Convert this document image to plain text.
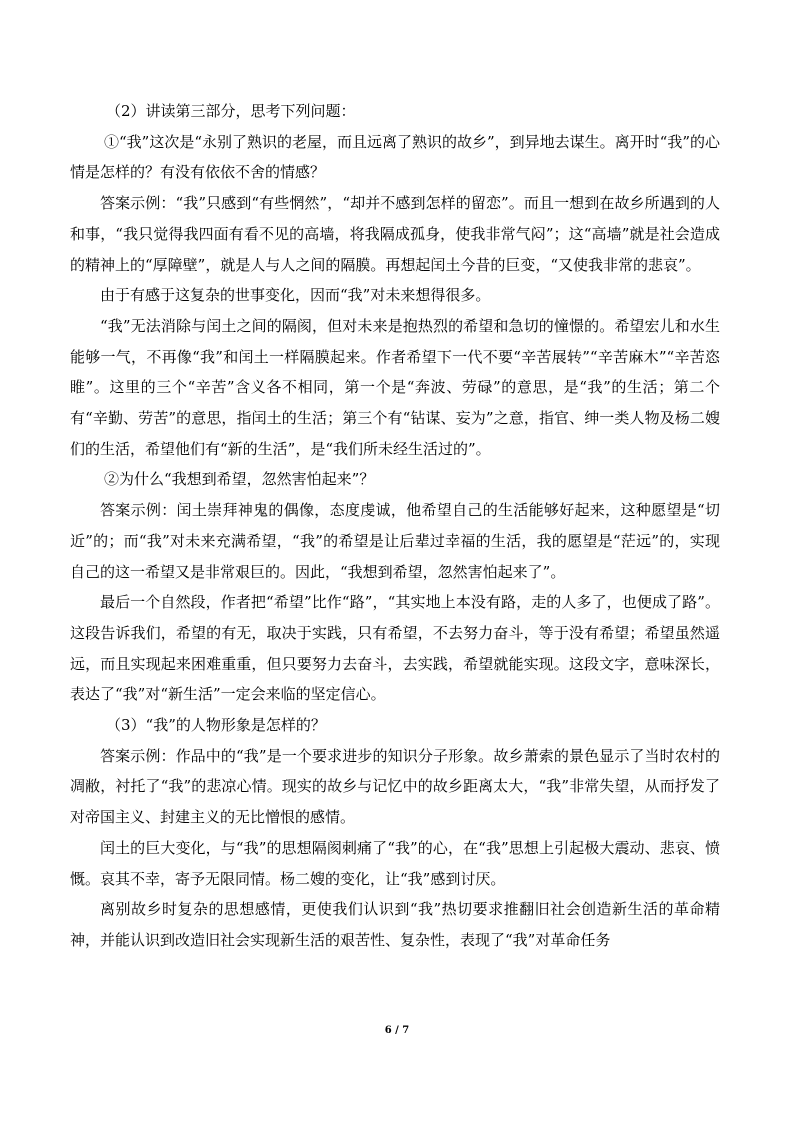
（2）讲读第三部分，思考下列问题：

①“我”这次是“永别了熟识的老屋，而且远离了熟识的故乡”，到异地去谋生。离开时“我”的心情是怎样的？有没有依依不舍的情感？

答案示例：“我”只感到“有些惘然”，“却并不感到怎样的留恋”。而且一想到在故乡所遇到的人和事，“我只觉得我四面有看不见的高墙，将我隔成孤身，使我非常气闷”；这“高墙”就是社会造成的精神上的“厚障壁”，就是人与人之间的隔膜。再想起闰土今昔的巨变，“又使我非常的悲哀”。

由于有感于这复杂的世事变化，因而“我”对未来想得很多。

“我”无法消除与闰土之间的隔阂，但对未来是抱热烈的希望和急切的憧憬的。希望宏儿和水生能够一气，不再像“我”和闰土一样隔膜起来。作者希望下一代不要“辛苦展转”“辛苦麻木”“辛苦恣睢”。这里的三个“辛苦”含义各不相同，第一个是“奔波、劳碌”的意思，是“我”的生活；第二个有“辛勤、劳苦”的意思，指闰土的生活；第三个有“钻谋、妄为”之意，指官、绅一类人物及杨二嫂们的生活，希望他们有“新的生活”，是“我们所未经生活过的”。

②为什么“我想到希望，忽然害怕起来”？

答案示例：闰土崇拜神鬼的偶像，态度虔诚，他希望自己的生活能够好起来，这种愿望是“切近”的；而“我”对未来充满希望，“我”的希望是让后辈过幸福的生活，我的愿望是“茫远”的，实现自己的这一希望又是非常艰巨的。因此，“我想到希望，忽然害怕起来了”。

最后一个自然段，作者把“希望”比作“路”，“其实地上本没有路，走的人多了，也便成了路”。这段告诉我们，希望的有无，取决于实践，只有希望，不去努力奋斗，等于没有希望；希望虽然遥远，而且实现起来困难重重，但只要努力去奋斗，去实践，希望就能实现。这段文字，意味深长，表达了“我”对“新生活”一定会来临的坚定信心。

（3）“我”的人物形象是怎样的？

答案示例：作品中的“我”是一个要求进步的知识分子形象。故乡萧索的景色显示了当时农村的凋敝，衬托了“我”的悲凉心情。现实的故乡与记忆中的故乡距离太大，“我”非常失望，从而抒发了对帝国主义、封建主义的无比憎恨的感情。

闰土的巨大变化，与“我”的思想隔阂刺痛了“我”的心，在“我”思想上引起极大震动、悲哀、愤慨。哀其不幸，寄予无限同情。杨二嫂的变化，让“我”感到讨厌。

离别故乡时复杂的思想感情，更使我们认识到“我”热切要求推翻旧社会创造新生活的革命精神，并能认识到改造旧社会实现新生活的艰苦性、复杂性，表现了“我”对革命任务

6 / 7
